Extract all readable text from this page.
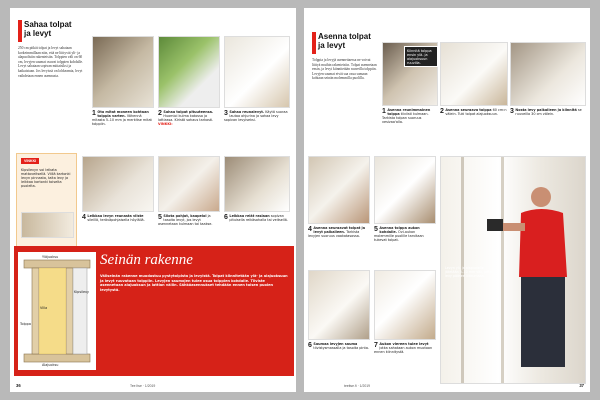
Sahaa tolpat
ja levyt
250 cm pitkät tolpat ja levyt sahataan korkeimmillaan niin, että ne liittyvät yli- ja alapuolisiin rakenteisiin. Tolppien väli on 60 cm, levyjen saumat osuvat tolppien kohdalle. Levyt sahataan sopivan mittaisiksi ja katkaistaan. Jos levyissä on lohkeamia, levyt vaihdetaan ennen asennusta.
1 Ota mitat moneen kohtaan tolppia varten. Vähennä mitasta 5–10 mm ja merkitse mitat tolppiin.
2 Sahaa tolpat pituuteensa. Huomioi kulma katossa ja lattiassa. Kiristä sahaus tarkasti. VINKKI:
3 Sahaa reunalevyt. Käytä suoraa lautaa ohjurina ja sahaa levy sopivan levyiseksi.
VINKKI
Kipsilevyn voi leikata mattoveitsellä. Viillä kartonki levyn pinnasta, taita levy ja leikkaa kartonki toiselta puolelta.
4 Leikkaa levyn reunasta viiste sileillä, teräväpohjaisella höylällä.	5 Silota pohjat, kaapeloi ja tasoita levyt, jos levyt asennetaan kulmaan tai taakse.
6 Leikkaa reiät rasiaan sopivan pituisella reikäsahalla tai veitsellä.
Yläjuoksu
Kipsilevy
Villa
Tolppa
Alajuoksu
Seinän rakenne
Väliseinän rakenne muodostuu pystytolpista ja levyistä. Tolpat kiinnitetään ylä- ja alajuoksuun ja levyt ruuvataan tolppiin. Levyjen saumojen tulee osua tolppien kohdalle. Tiiviste asennetaan alajuoksun ja lattian väliin. Sähköasennukset tehdään ennen toisen puolen levytystä.
36	Tee Itse · 1/2019
Asenna tolpat
ja levyt
Tolppia ja levyjä asennettaessa ne voivat liittyä muihin rakenteisiin. Tolpat asennetaan ensin, ja levyt kiinnitetään ruuveilla tolppiin. Levyjen saumat eivät saa osua samaan kohtaan seinän molemmilla puolilla.
Kiinnitä tolppa ensin ylä- ja alajuoksuun ruuvilla.
1 Asenna reunimmainen tolppa tiiviisti kulmaan. Tarkista tolpan suoruus vesivaa'alla.
2 Asenna seuraava tolppa 60 cm:n välein. Tuki tolpat alajuoksuun.	3 Nosta levy paikalleen ja kiinnitä se ruuveilla 30 cm välein.
4 Asenna seuraavat tolpat ja levyt paikalleen. Tarkista levyjen suoruus vaakatasossa.
5 Asenna tolppa aukon kohdalle. Ovi-aukon molemmille puolille tarvitaan tukevat tolpat.
Levyn yli- ja alapuolelle jätetään 5–10 mm väli, jotta levy pääsee liikkumaan.
6 Saumaa levyjen sauma tiivistysmassalla ja tasoita pinta. 7 Aukon viereen tulee levyt jotka sahataan aukon muotoon ennen kiinnitystä.
teeitse.fi · 1/2019	37
